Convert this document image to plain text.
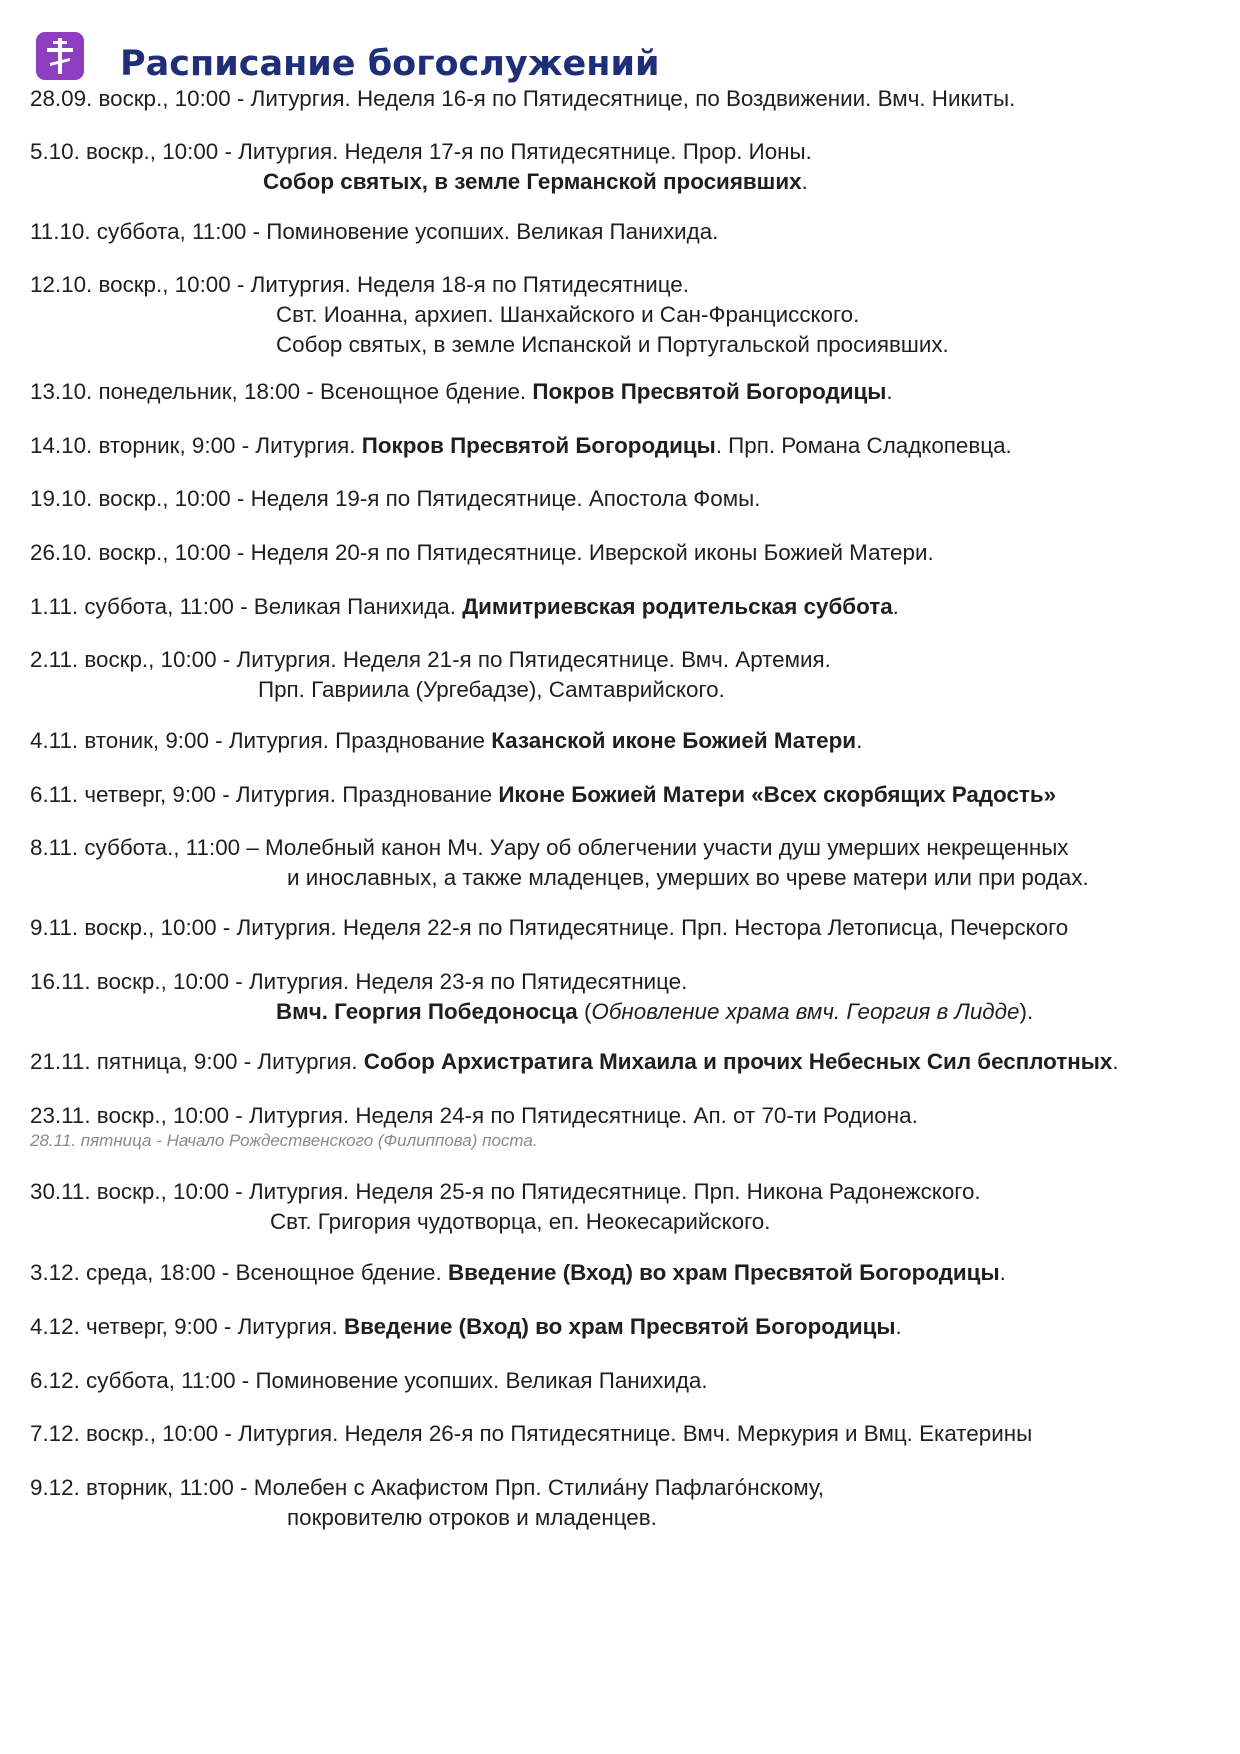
Расписание богослужений
28.09. воскр., 10:00 - Литургия. Неделя 16-я по Пятидесятнице, по Воздвижении. Вмч. Никиты.
5.10. воскр., 10:00 - Литургия. Неделя 17-я по Пятидесятнице. Прор. Ионы.
Собор святых, в земле Германской просиявших.
11.10. суббота, 11:00 - Поминовение усопших. Великая Панихида.
12.10. воскр., 10:00 - Литургия. Неделя 18-я по Пятидесятнице.
Свт. Иоанна, архиеп. Шанхайского и Сан-Францисского.
Собор святых, в земле Испанской и Португальской просиявших.
13.10. понедельник, 18:00 - Всенощное бдение. Покров Пресвятой Богородицы.
14.10. вторник, 9:00 - Литургия. Покров Пресвятой Богородицы. Прп. Романа Сладкопевца.
19.10. воскр., 10:00 - Неделя 19-я по Пятидесятнице. Апостола Фомы.
26.10. воскр., 10:00 - Неделя 20-я по Пятидесятнице. Иверской иконы Божией Матери.
1.11. суббота, 11:00 - Великая Панихида. Димитриевская родительская суббота.
2.11. воскр., 10:00 - Литургия. Неделя 21-я по Пятидесятнице. Вмч. Артемия.
Прп. Гавриила (Ургебадзе), Самтаврийского.
4.11. втоник, 9:00 - Литургия. Празднование Казанской иконе Божией Матери.
6.11. четверг, 9:00 - Литургия. Празднование Иконе Божией Матери «Всех скорбящих Радость»
8.11. суббота., 11:00 – Молебный канон Мч. Уару об облегчении участи душ умерших некрещенных
и инославных, а также младенцев, умерших во чреве матери или при родах.
9.11. воскр., 10:00 - Литургия. Неделя 22-я по Пятидесятнице. Прп. Нестора Летописца, Печерского
16.11. воскр., 10:00 - Литургия. Неделя 23-я по Пятидесятнице.
Вмч. Георгия Победоносца (Обновление храма вмч. Георгия в Лидде).
21.11. пятница, 9:00 - Литургия. Собор Архистратига Михаила и прочих Небесных Сил бесплотных.
23.11. воскр., 10:00 - Литургия. Неделя 24-я по Пятидесятнице. Ап. от 70-ти Родиона.
28.11. пятница - Начало Рождественского (Филиппова) поста.
30.11. воскр., 10:00 - Литургия. Неделя 25-я по Пятидесятнице. Прп. Никона Радонежского.
Свт. Григория чудотворца, еп. Неокесарийского.
3.12. среда, 18:00 - Всенощное бдение. Введение (Вход) во храм Пресвятой Богородицы.
4.12. четверг, 9:00 - Литургия. Введение (Вход) во храм Пресвятой Богородицы.
6.12. суббота, 11:00 - Поминовение усопших. Великая Панихида.
7.12. воскр., 10:00 - Литургия. Неделя 26-я по Пятидесятнице. Вмч. Меркурия и Вмц. Екатерины
9.12. вторник, 11:00 - Молебен с Акафистом Прп. Стилиáну Пафлагóнскому,
покровителю отроков и младенцев.
